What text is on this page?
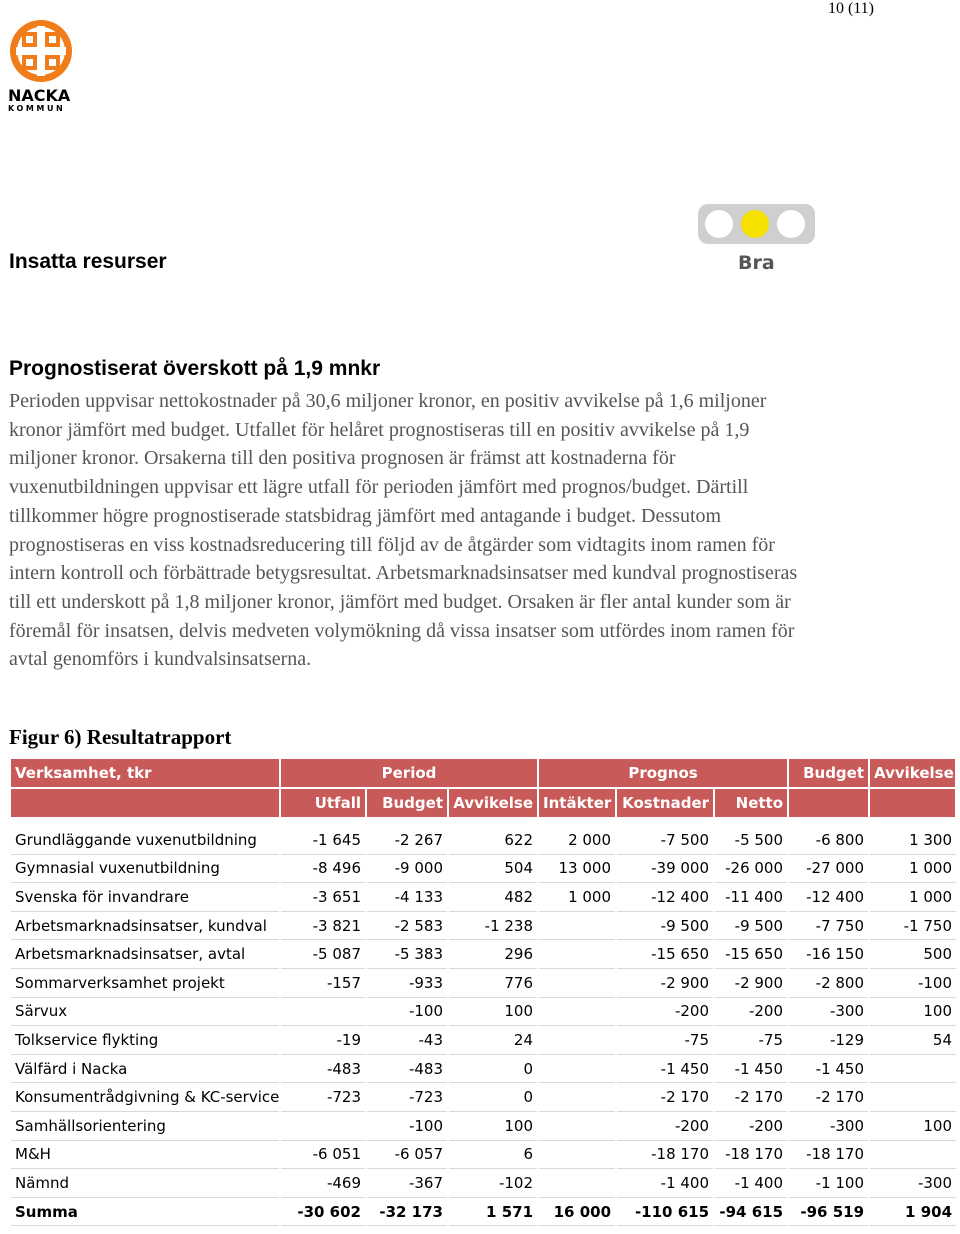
10 (11)
NACKA
KOMMUN
Insatta resurser	Bra
Prognostiserat överskott på 1,9 mnkr

Perioden uppvisar nettokostnader på 30,6 miljoner kronor, en positiv avvikelse på 1,6 miljoner kronor jämfört med budget. Utfallet för helåret prognostiseras till en positiv avvikelse på 1,9 miljoner kronor. Orsakerna till den positiva prognosen är främst att kostnaderna för vuxenutbildningen uppvisar ett lägre utfall för perioden jämfört med prognos/budget. Därtill tillkommer högre prognostiserade statsbidrag jämfört med antagande i budget. Dessutom prognostiseras en viss kostnadsreducering till följd av de åtgärder som vidtagits inom ramen för intern kontroll och förbättrade betygsresultat. Arbetsmarknadsinsatser med kundval prognostiseras till ett underskott på 1,8 miljoner kronor, jämfört med budget. Orsaken är fler antal kunder som är föremål för insatsen, delvis medveten volymökning då vissa insatser som utfördes inom ramen för avtal genomförs i kundvalsinsatserna.

Figur 6) Resultatrapport
Verksamhet, tkr	Period			Prognos			Budget	Avvikelse
	Utfall	Budget	Avvikelse	Intäkter	Kostnader	Netto		

Grundläggande vuxenutbildning	-1 645	-2 267	622	2 000	-7 500	-5 500	-6 800	1 300
Gymnasial vuxenutbildning	-8 496	-9 000	504	13 000	-39 000	-26 000	-27 000	1 000
Svenska för invandrare	-3 651	-4 133	482	1 000	-12 400	-11 400	-12 400	1 000
Arbetsmarknadsinsatser, kundval	-3 821	-2 583	-1 238		-9 500	-9 500	-7 750	-1 750
Arbetsmarknadsinsatser, avtal	-5 087	-5 383	296		-15 650	-15 650	-16 150	500
Sommarverksamhet projekt	-157	-933	776		-2 900	-2 900	-2 800	-100
Särvux		-100	100		-200	-200	-300	100
Tolkservice flykting	-19	-43	24		-75	-75	-129	54
Välfärd i Nacka	-483	-483	0		-1 450	-1 450	-1 450	
Konsumentrådgivning & KC-service	-723	-723	0		-2 170	-2 170	-2 170	
Samhällsorientering		-100	100		-200	-200	-300	100
M&H	-6 051	-6 057	6		-18 170	-18 170	-18 170	
Nämnd	-469	-367	-102		-1 400	-1 400	-1 100	-300
Summa	-30 602	-32 173	1 571	16 000	-110 615	-94 615	-96 519	1 904
